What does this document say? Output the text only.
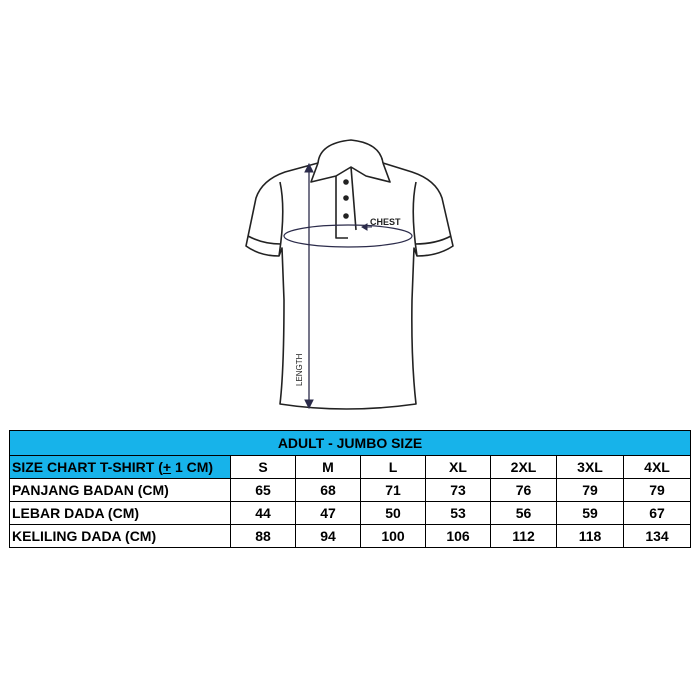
CHEST
LENGTH
ADULT - JUMBO SIZE							
SIZE CHART T-SHIRT (+ 1 CM)	S	M	L	XL	2XL	3XL	4XL
PANJANG BADAN (CM)	65	68	71	73	76	79	79
LEBAR DADA (CM)	44	47	50	53	56	59	67
KELILING DADA (CM)	88	94	100	106	112	118	134
